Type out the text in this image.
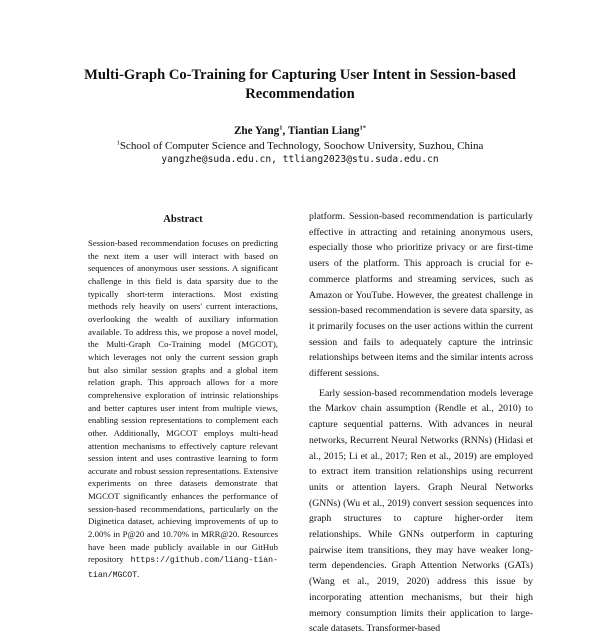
Multi-Graph Co-Training for Capturing User Intent in Session-based Recommendation
Zhe Yang$^1$, Tiantian Liang$^{1*}$
$^1$School of Computer Science and Technology, Soochow University, Suzhou, China
yangzhe@suda.edu.cn, ttliang2023@stu.suda.edu.cn
Abstract

Session-based recommendation focuses on predicting the next item a user will interact with based on sequences of anonymous user sessions. A significant challenge in this field is data sparsity due to the typically short-term interactions. Most existing methods rely heavily on users' current interactions, overlooking the wealth of auxiliary information available. To address this, we propose a novel model, the Multi-Graph Co-Training model (MGCOT), which leverages not only the current session graph but also similar session graphs and a global item relation graph. This approach allows for a more comprehensive exploration of intrinsic relationships and better captures user intent from multiple views, enabling session representations to complement each other. Additionally, MGCOT employs multi-head attention mechanisms to effectively capture relevant session intent and uses contrastive learning to form accurate and robust session representations. Extensive experiments on three datasets demonstrate that MGCOT significantly enhances the performance of session-based recommendations, particularly on the Diginetica dataset, achieving improvements of up to 2.00% in P@20 and 10.70% in MRR@20. Resources have been made publicly available in our GitHub repository https://github.com/liang-tian-tian/MGCOT.

platform. Session-based recommendation is particularly effective in attracting and retaining anonymous users, especially those who prioritize privacy or are first-time users of the platform. This approach is crucial for e-commerce platforms and streaming services, such as Amazon or YouTube. However, the greatest challenge in session-based recommendation is severe data sparsity, as it primarily focuses on the user actions within the current session and fails to adequately capture the intrinsic relationships between items and the similar intents across different sessions.

Early session-based recommendation models leverage the Markov chain assumption (Rendle et al., 2010) to capture sequential patterns. With advances in neural networks, Recurrent Neural Networks (RNNs) (Hidasi et al., 2015; Li et al., 2017; Ren et al., 2019) are employed to extract item transition relationships using recurrent units or attention layers. Graph Neural Networks (GNNs) (Wu et al., 2019) convert session sequences into graph structures to capture higher-order item relationships. While GNNs outperform in capturing pairwise item transitions, they may have weaker long-term dependencies. Graph Attention Networks (GATs) (Wang et al., 2019, 2020) address this issue by incorporating attention mechanisms, but their high memory consumption limits their application to large-scale datasets. Transformer-based
